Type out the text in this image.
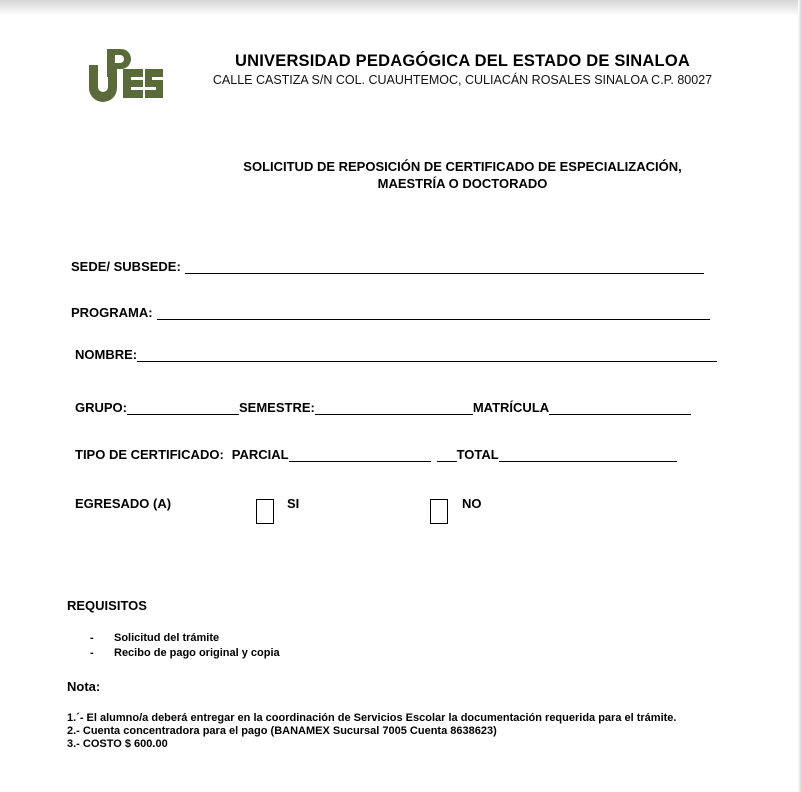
UNIVERSIDAD PEDAGÓGICA DEL ESTADO DE SINALOA
CALLE CASTIZA S/N COL. CUAUHTEMOC, CULIACÁN ROSALES SINALOA C.P. 80027
SOLICITUD DE REPOSICIÓN DE CERTIFICADO DE ESPECIALIZACIÓN,
MAESTRÍA O DOCTORADO
SEDE/ SUBSEDE:
PROGRAMA:
NOMBRE:
GRUPO:	SEMESTRE:	MATRÍCULA
TIPO DE CERTIFICADO: PARCIAL	TOTAL
EGRESADO (A)	SI	NO
REQUISITOS
- Solicitud del trámite
- Recibo de pago original y copia
Nota:
1.´- El alumno/a deberá entregar en la coordinación de Servicios Escolar la documentación requerida para el trámite.
2.- Cuenta concentradora para el pago (BANAMEX Sucursal 7005 Cuenta 8638623)
3.- COSTO $ 600.00
